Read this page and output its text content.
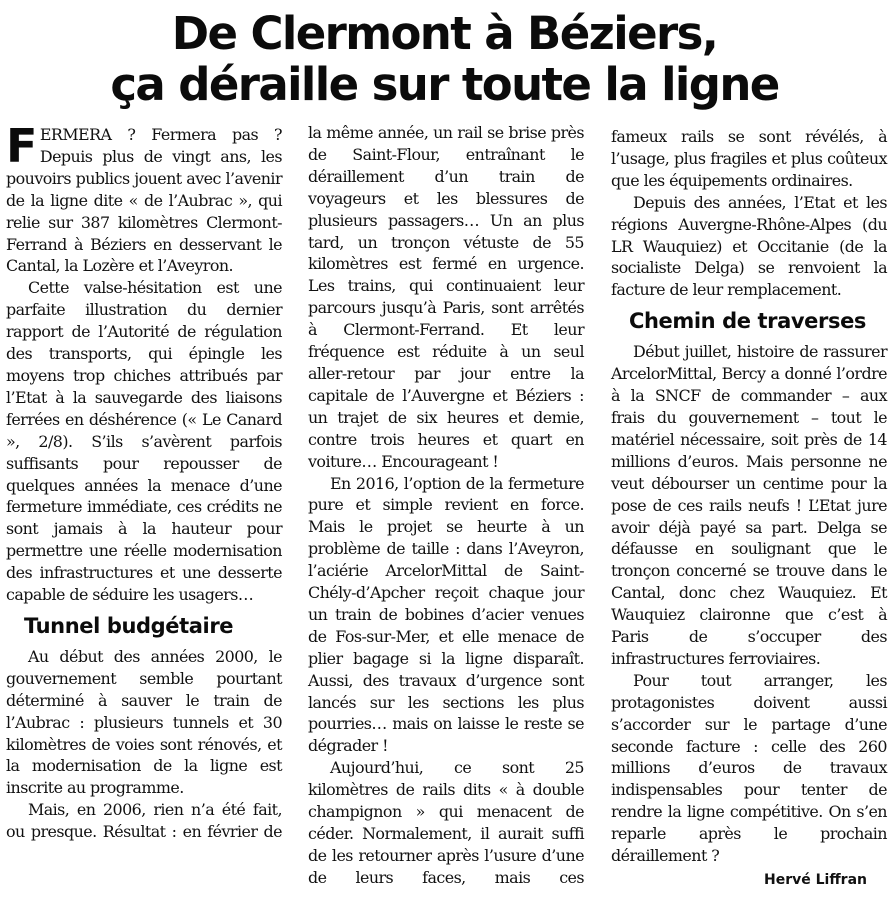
De Clermont à Béziers,
ça déraille sur toute la ligne

FERMERA ? Fermera pas ? Depuis plus de vingt ans, les pouvoirs publics jouent avec l’avenir de la ligne dite « de l’Aubrac », qui relie sur 387 kilomètres Clermont-Ferrand à Béziers en desservant le Cantal, la Lozère et l’Aveyron.

Cette valse-hésitation est une parfaite illustration du dernier rapport de l’Autorité de régulation des transports, qui épingle les moyens trop chiches attribués par l’Etat à la sauvegarde des liaisons ferrées en déshérence (« Le Canard », 2/8). S’ils s’avèrent parfois suffisants pour repousser de quelques années la menace d’une fermeture immédiate, ces crédits ne sont jamais à la hauteur pour permettre une réelle modernisation des infrastructures et une desserte capable de séduire les usagers…

Tunnel budgétaire

Au début des années 2000, le gouvernement semble pourtant déterminé à sauver le train de l’Aubrac : plusieurs tunnels et 30 kilomètres de voies sont rénovés, et la modernisation de la ligne est inscrite au programme.

Mais, en 2006, rien n’a été fait, ou presque. Résultat : en février de

la même année, un rail se brise près de Saint-Flour, entraînant le déraillement d’un train de voyageurs et les blessures de plusieurs passagers… Un an plus tard, un tronçon vétuste de 55 kilomètres est fermé en urgence. Les trains, qui continuaient leur parcours jusqu’à Paris, sont arrêtés à Clermont-Ferrand. Et leur fréquence est réduite à un seul aller-retour par jour entre la capitale de l’Auvergne et Béziers : un trajet de six heures et demie, contre trois heures et quart en voiture… Encourageant !

En 2016, l’option de la fermeture pure et simple revient en force. Mais le projet se heurte à un problème de taille : dans l’Aveyron, l’aciérie ArcelorMittal de Saint-Chély-d’Apcher reçoit chaque jour un train de bobines d’acier venues de Fos-sur-Mer, et elle menace de plier bagage si la ligne disparaît. Aussi, des travaux d’urgence sont lancés sur les sections les plus pourries… mais on laisse le reste se dégrader !

Aujourd’hui, ce sont 25 kilomètres de rails dits « à double champignon » qui menacent de céder. Normalement, il aurait suffi de les retourner après l’usure d’une de leurs faces, mais ces

fameux rails se sont révélés, à l’usage, plus fragiles et plus coûteux que les équipements ordinaires.

Depuis des années, l’Etat et les régions Auvergne-Rhône-Alpes (du LR Wauquiez) et Occitanie (de la socialiste Delga) se renvoient la facture de leur remplacement.

Chemin de traverses

Début juillet, histoire de rassurer ArcelorMittal, Bercy a donné l’ordre à la SNCF de commander – aux frais du gouvernement – tout le matériel nécessaire, soit près de 14 millions d’euros. Mais personne ne veut débourser un centime pour la pose de ces rails neufs ! L’Etat jure avoir déjà payé sa part. Delga se défausse en soulignant que le tronçon concerné se trouve dans le Cantal, donc chez Wauquiez. Et Wauquiez claironne que c’est à Paris de s’occuper des infrastructures ferroviaires.

Pour tout arranger, les protagonistes doivent aussi s’accorder sur le partage d’une seconde facture : celle des 260 millions d’euros de travaux indispensables pour tenter de rendre la ligne compétitive. On s’en reparle après le prochain déraillement ?

Hervé Liffran
